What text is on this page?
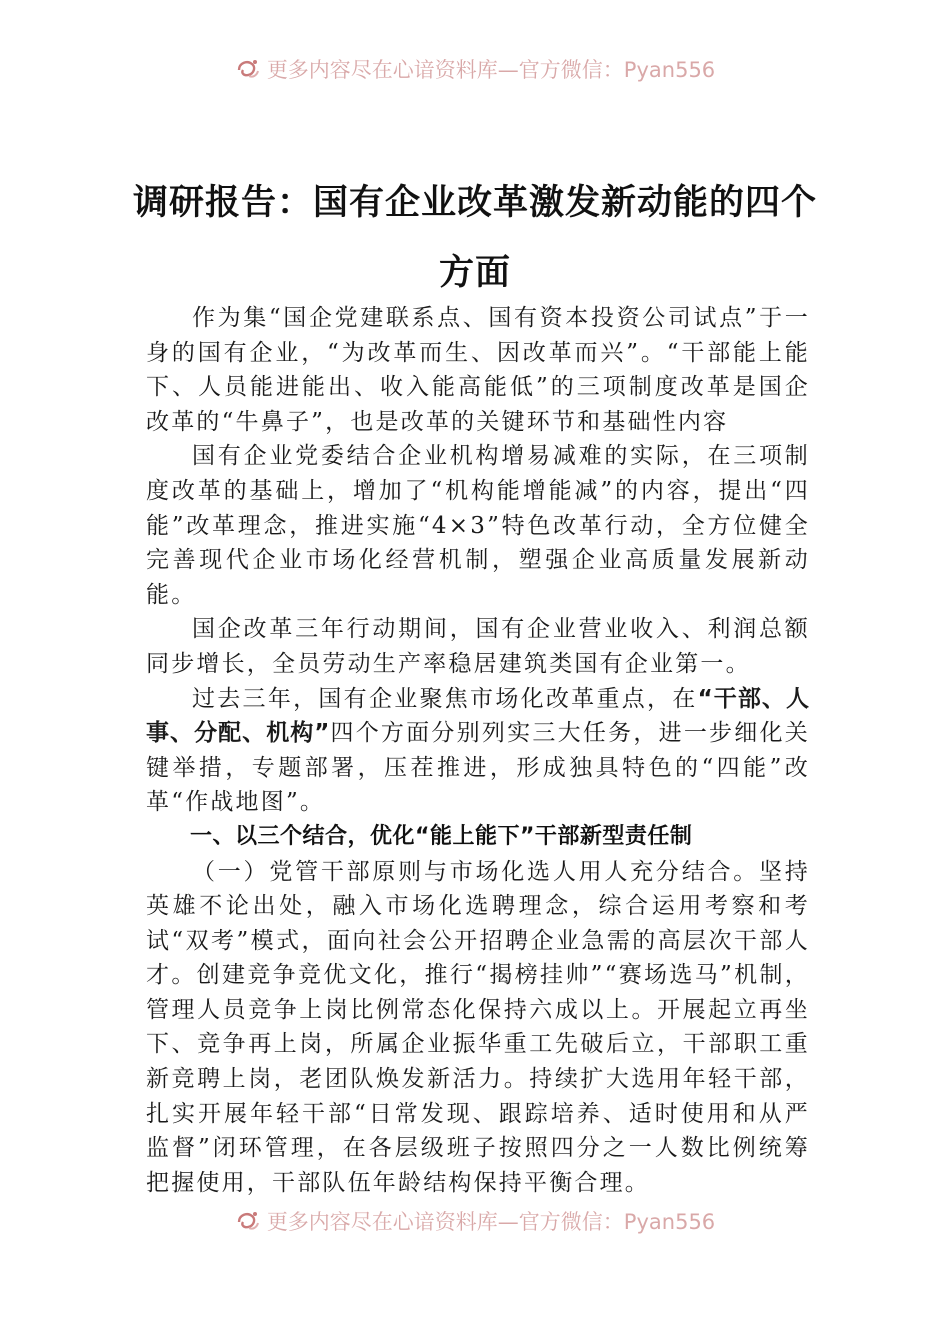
更多内容尽在心谙资料库—官方微信：Pyan556
调研报告：国有企业改革激发新动能的四个方面

作为集“国企党建联系点、国有资本投资公司试点”于一身的国有企业，“为改革而生、因改革而兴”。“干部能上能下、人员能进能出、收入能高能低”的三项制度改革是国企改革的“牛鼻子”，也是改革的关键环节和基础性内容

国有企业党委结合企业机构增易减难的实际，在三项制度改革的基础上，增加了“机构能增能减”的内容，提出“四能”改革理念，推进实施“4×3”特色改革行动，全方位健全完善现代企业市场化经营机制，塑强企业高质量发展新动能。

国企改革三年行动期间，国有企业营业收入、利润总额同步增长，全员劳动生产率稳居建筑类国有企业第一。

过去三年，国有企业聚焦市场化改革重点，在“干部、人事、分配、机构”四个方面分别列实三大任务，进一步细化关键举措，专题部署，压茬推进，形成独具特色的“四能”改革“作战地图”。

一、以三个结合，优化“能上能下”干部新型责任制

（一）党管干部原则与市场化选人用人充分结合。坚持英雄不论出处，融入市场化选聘理念，综合运用考察和考试“双考”模式，面向社会公开招聘企业急需的高层次干部人才。创建竞争竞优文化，推行“揭榜挂帅”“赛场选马”机制，管理人员竞争上岗比例常态化保持六成以上。开展起立再坐下、竞争再上岗，所属企业振华重工先破后立，干部职工重新竞聘上岗，老团队焕发新活力。持续扩大选用年轻干部，扎实开展年轻干部“日常发现、跟踪培养、适时使用和从严监督”闭环管理，在各层级班子按照四分之一人数比例统筹把握使用，干部队伍年龄结构保持平衡合理。

更多内容尽在心谙资料库—官方微信：Pyan556
